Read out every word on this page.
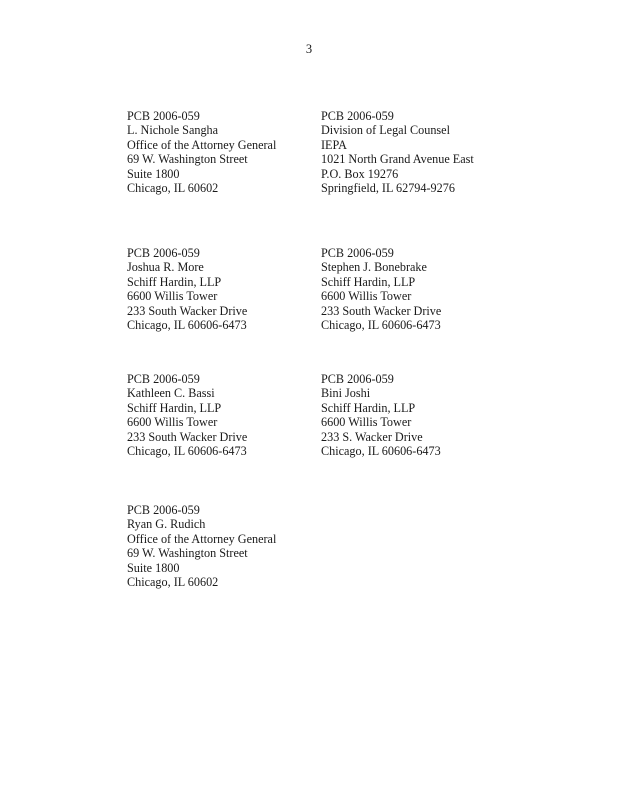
3
PCB 2006-059
L. Nichole Sangha
Office of the Attorney General
69 W. Washington Street
Suite 1800
Chicago, IL 60602
PCB 2006-059
Division of Legal Counsel
IEPA
1021 North Grand Avenue East
P.O. Box 19276
Springfield, IL 62794-9276
PCB 2006-059
Joshua R. More
Schiff Hardin, LLP
6600 Willis Tower
233 South Wacker Drive
Chicago, IL 60606-6473
PCB 2006-059
Stephen J. Bonebrake
Schiff Hardin, LLP
6600 Willis Tower
233 South Wacker Drive
Chicago, IL 60606-6473
PCB 2006-059
Kathleen C. Bassi
Schiff Hardin, LLP
6600 Willis Tower
233 South Wacker Drive
Chicago, IL 60606-6473
PCB 2006-059
Bini Joshi
Schiff Hardin, LLP
6600 Willis Tower
233 S. Wacker Drive
Chicago, IL 60606-6473
PCB 2006-059
Ryan G. Rudich
Office of the Attorney General
69 W. Washington Street
Suite 1800
Chicago, IL 60602
